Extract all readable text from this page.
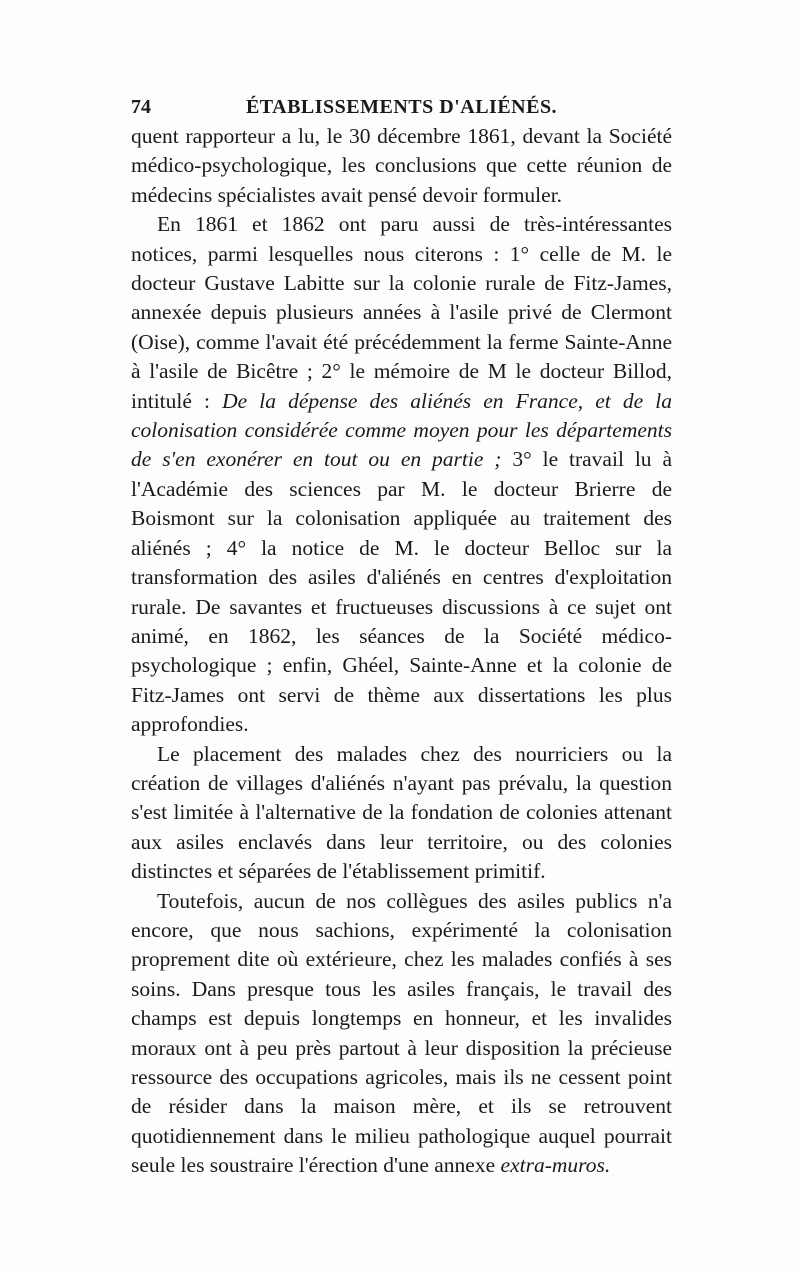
74	ÉTABLISSEMENTS D'ALIÉNÉS.

quent rapporteur a lu, le 30 décembre 1861, devant la Société médico-psychologique, les conclusions que cette réunion de médecins spécialistes avait pensé devoir formuler.

En 1861 et 1862 ont paru aussi de très-intéressantes notices, parmi lesquelles nous citerons : 1° celle de M. le docteur Gustave Labitte sur la colonie rurale de Fitz-James, annexée depuis plusieurs années à l'asile privé de Clermont (Oise), comme l'avait été précédemment la ferme Sainte-Anne à l'asile de Bicêtre ; 2° le mémoire de M le docteur Billod, intitulé : De la dépense des aliénés en France, et de la colonisation considérée comme moyen pour les départements de s'en exonérer en tout ou en partie ; 3° le travail lu à l'Académie des sciences par M. le docteur Brierre de Boismont sur la colonisation appliquée au traitement des aliénés ; 4° la notice de M. le docteur Belloc sur la transformation des asiles d'aliénés en centres d'exploitation rurale. De savantes et fructueuses discussions à ce sujet ont animé, en 1862, les séances de la Société médico-psychologique ; enfin, Ghéel, Sainte-Anne et la colonie de Fitz-James ont servi de thème aux dissertations les plus approfondies.

Le placement des malades chez des nourriciers ou la création de villages d'aliénés n'ayant pas prévalu, la question s'est limitée à l'alternative de la fondation de colonies attenant aux asiles enclavés dans leur territoire, ou des colonies distinctes et séparées de l'établissement primitif.

Toutefois, aucun de nos collègues des asiles publics n'a encore, que nous sachions, expérimenté la colonisation proprement dite où extérieure, chez les malades confiés à ses soins. Dans presque tous les asiles français, le travail des champs est depuis longtemps en honneur, et les invalides moraux ont à peu près partout à leur disposition la précieuse ressource des occupations agricoles, mais ils ne cessent point de résider dans la maison mère, et ils se retrouvent quotidiennement dans le milieu pathologique auquel pourrait seule les soustraire l'érection d'une annexe extra-muros.
